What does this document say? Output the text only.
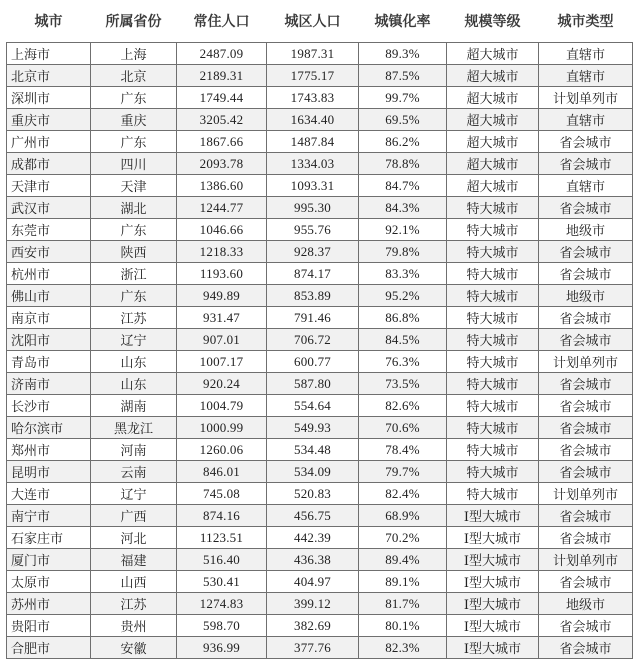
城市	所属省份	常住人口	城区人口	城镇化率	规模等级	城市类型
上海市	上海	2487.09	1987.31	89.3%	超大城市	直辖市
北京市	北京	2189.31	1775.17	87.5%	超大城市	直辖市
深圳市	广东	1749.44	1743.83	99.7%	超大城市	计划单列市
重庆市	重庆	3205.42	1634.40	69.5%	超大城市	直辖市
广州市	广东	1867.66	1487.84	86.2%	超大城市	省会城市
成都市	四川	2093.78	1334.03	78.8%	超大城市	省会城市
天津市	天津	1386.60	1093.31	84.7%	超大城市	直辖市
武汉市	湖北	1244.77	995.30	84.3%	特大城市	省会城市
东莞市	广东	1046.66	955.76	92.1%	特大城市	地级市
西安市	陕西	1218.33	928.37	79.8%	特大城市	省会城市
杭州市	浙江	1193.60	874.17	83.3%	特大城市	省会城市
佛山市	广东	949.89	853.89	95.2%	特大城市	地级市
南京市	江苏	931.47	791.46	86.8%	特大城市	省会城市
沈阳市	辽宁	907.01	706.72	84.5%	特大城市	省会城市
青岛市	山东	1007.17	600.77	76.3%	特大城市	计划单列市
济南市	山东	920.24	587.80	73.5%	特大城市	省会城市
长沙市	湖南	1004.79	554.64	82.6%	特大城市	省会城市
哈尔滨市	黑龙江	1000.99	549.93	70.6%	特大城市	省会城市
郑州市	河南	1260.06	534.48	78.4%	特大城市	省会城市
昆明市	云南	846.01	534.09	79.7%	特大城市	省会城市
大连市	辽宁	745.08	520.83	82.4%	特大城市	计划单列市
南宁市	广西	874.16	456.75	68.9%	Ⅰ型大城市	省会城市
石家庄市	河北	1123.51	442.39	70.2%	Ⅰ型大城市	省会城市
厦门市	福建	516.40	436.38	89.4%	Ⅰ型大城市	计划单列市
太原市	山西	530.41	404.97	89.1%	Ⅰ型大城市	省会城市
苏州市	江苏	1274.83	399.12	81.7%	Ⅰ型大城市	地级市
贵阳市	贵州	598.70	382.69	80.1%	Ⅰ型大城市	省会城市
合肥市	安徽	936.99	377.76	82.3%	Ⅰ型大城市	省会城市
